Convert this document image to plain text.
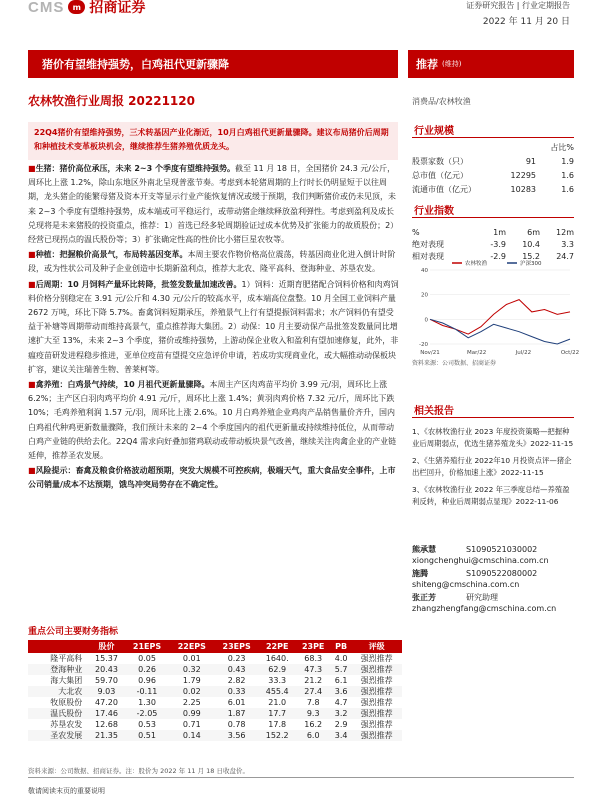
CMS	m 招商证券	证券研究报告 | 行业定期报告
2022 年 11 月 20 日
猪价有望维持强势，白鸡祖代更新骤降	推荐 (维持)
农林牧渔行业周报 20221120	消费品/农林牧渔
22Q4猪价有望维持强势，三术转基因产业化渐近，10月白鸡祖代更新量骤降。建议布局猪价后周期和种植技术变革板块机会，继续推荐生猪养殖优质龙头。

■生猪：猪价高位承压，未来 2~3 个季度有望维持强势。截至 11 月 18 日，全国猪价 24.3 元/公斤，周环比上涨 1.2%，除山东地区外南北呈现普涨节奏。考虑到本轮猪周期的上行时长仍明显短于以往周期，龙头猪企的能繁母猪及资本开支等显示行业产能恢复情况或缓于预期，我们判断猪价或仍未见顶，未来 2~3 个季度有望维持强势，成本端或可平稳运行，或带动猪企继续释放盈利弹性。考虑到盈利及成长兑现将是未来猪股的投资重点，推荐：1）首选已经多轮周期验证过成本优势及扩张能力的故质股份；2）经营已现拐点的温氏股份等；3）扩张确定性高的性价比小猪巨星农牧等。

■种植：把握粮价高景气，布局转基因变革。本周主要农作物价格高位震荡，转基因商业化进入倒计时阶段，或为性状公司及种子企业创造中长期新盈利点，推荐大北农、隆平高科、登海种业、苏垦农发。

■后周期：10 月饲料产量环比转降，批签发数量加速改善。1）饲料：近期育肥猪配合饲料价格和肉鸡饲料价格分别稳定在 3.91 元/公斤和 4.30 元/公斤的较高水平，成本端高位盘整。10 月全国工业饲料产量 2672 万吨，环比下降 5.7%。畜禽饲料短期承压，养殖景气上行有望提振饲料需求；水产饲料仍有望受益于补塘等周期带动而维持高景气，重点推荐海大集团。2）动保：10 月主要动保产品批签发数量同比增速扩大至 13%，未来 2~3 个季度，猪价或维持强势，上游动保企业收入和盈利有望加速修复，此外，非瘟疫苗研发进程稳步推进，亚单位疫苗有望提交应急评价申请，若成功实现商业化，或大幅推动动保板块扩容，建议关注瑞普生物、普莱柯等。

■禽养殖：白鸡景气持续，10 月祖代更新量骤降。本周主产区肉鸡苗平均价 3.99 元/羽，周环比上涨 6.2%；主产区白羽肉鸡平均价 4.91 元/斤，周环比上涨 1.4%；黄羽肉鸡价格 7.32 元/斤，周环比下跌 10%；毛鸡养殖利润 1.57 元/羽，周环比上涨 2.6%。10 月白鸡养殖企业鸡肉产品销售量价齐升，国内白鸡祖代种鸡更新数量骤降，我们预计未来的 2~4 个季度国内的祖代更新量或持续维持低位，从而带动白鸡产业链的供给去化。22Q4 需求向好叠加猪鸡联动或带动板块景气改善，继续关注肉禽企业的产业链延伸，推荐圣农发展。

■风险提示：畜禽及粮食价格波动超预期，突发大规模不可控疾病，极端天气，重大食品安全事件，上市公司销量/成本不达预期，饿鸟冲突局势存在不确定性。

行业规模
占比%
股票家数（只）	91	1.9
总市值（亿元）	12295	1.6
流通市值（亿元）	10283	1.6
行业指数
%	1m	6m	12m
绝对表现	-3.9	10.4	3.3
相对表现	-2.9	15.2	24.7
40
20
0
-20
Nov/21	Mar/22	Jul/22	Oct/22
农林牧渔	沪深300
资料来源：公司数据、招商证券
相关报告
1、《农林牧渔行业 2023 年度投资策略—把握种业后周期弱点，优选生猪养殖龙头》2022-11-15
2、《生猪养殖行业 2022年10 月投资点评—猪企出栏回升，价格加速上涨》2022-11-15
3、《农林牧渔行业 2022 年三季度总结—养殖盈利反转，种业后周期弱点显现》2022-11-06
熊承慧	S1090521030002
xiongchenghui@cmschina.com.cn
施腾	S1090522080002
shiteng@cmschina.com.cn
张正芳	研究助理
zhangzhengfang@cmschina.com.cn
重点公司主要财务指标
	股价	21EPS	22EPS	23EPS	22PE	23PE	PB	评级
隆平高科	15.37	0.05	0.01	0.23	1640.	68.3	4.0	强烈推荐
登海种业	20.43	0.26	0.32	0.43	62.9	47.3	5.7	强烈推荐
海大集团	59.70	0.96	1.79	2.82	33.3	21.2	6.1	强烈推荐
大北农	9.03	-0.11	0.02	0.33	455.4	27.4	3.6	强烈推荐
牧原股份	47.20	1.30	2.25	6.01	21.0	7.8	4.7	强烈推荐
温氏股份	17.46	-2.05	0.99	1.87	17.7	9.3	3.2	强烈推荐
苏垦农发	12.68	0.53	0.71	0.78	17.8	16.2	2.9	强烈推荐
圣农发展	21.35	0.51	0.14	3.56	152.2	6.0	3.4	强烈推荐
资料来源：公司数据、招商证券。注：股价为 2022 年 11 月 18 日收盘价。
敬请阅读末页的重要说明
